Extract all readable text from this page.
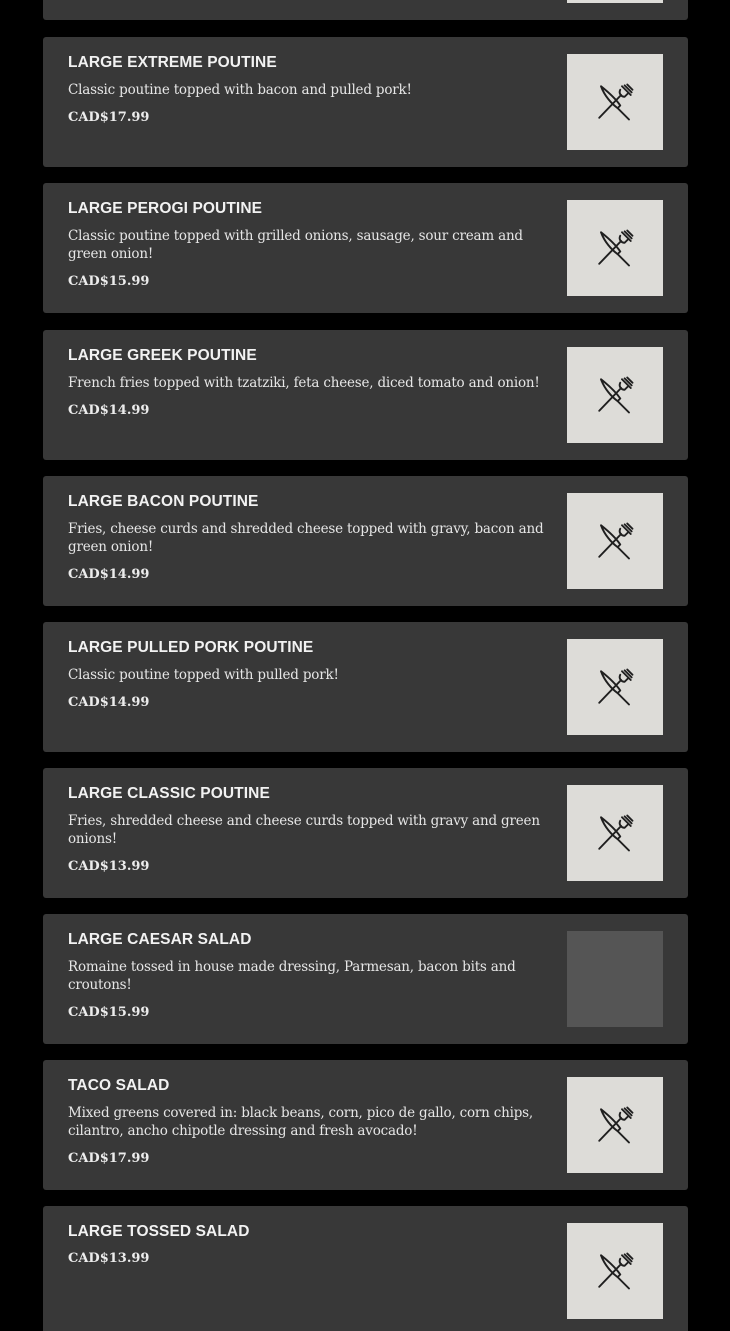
LARGE EXTREME POUTINE
Classic poutine topped with bacon and pulled pork!
CAD$17.99
LARGE PEROGI POUTINE
Classic poutine topped with grilled onions, sausage, sour cream and green onion!
CAD$15.99
LARGE GREEK POUTINE
French fries topped with tzatziki, feta cheese, diced tomato and onion!
CAD$14.99
LARGE BACON POUTINE
Fries, cheese curds and shredded cheese topped with gravy, bacon and green onion!
CAD$14.99
LARGE PULLED PORK POUTINE
Classic poutine topped with pulled pork!
CAD$14.99
LARGE CLASSIC POUTINE
Fries, shredded cheese and cheese curds topped with gravy and green onions!
CAD$13.99
LARGE CAESAR SALAD
Romaine tossed in house made dressing, Parmesan, bacon bits and croutons!
CAD$15.99
TACO SALAD
Mixed greens covered in: black beans, corn, pico de gallo, corn chips, cilantro, ancho chipotle dressing and fresh avocado!
CAD$17.99
LARGE TOSSED SALAD
CAD$13.99
